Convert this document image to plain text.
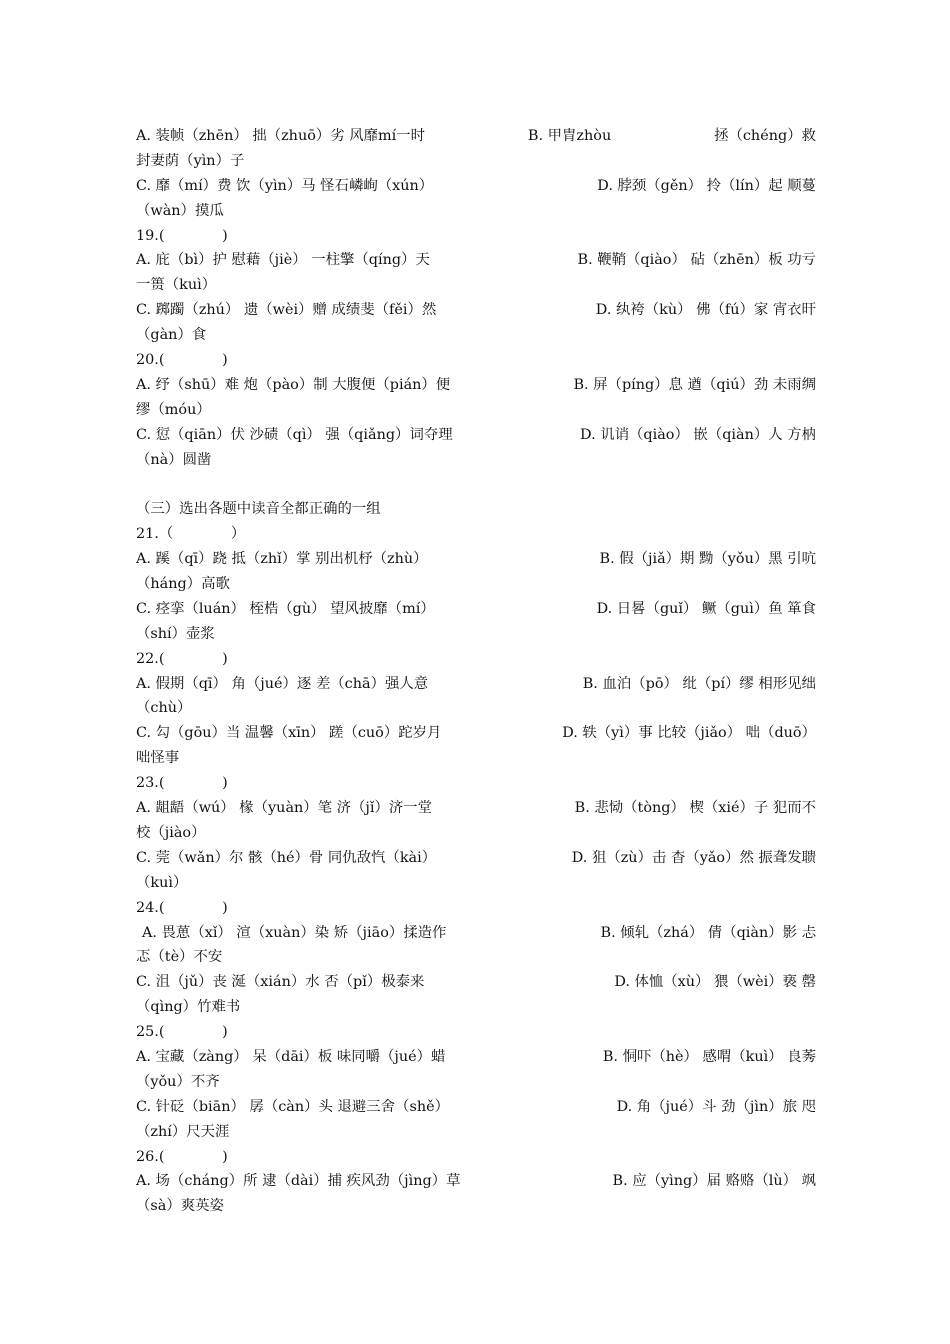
A. 装帧（zhēn） 拙（zhuō）劣 风靡mí一时	B. 甲胄zhòu	拯（chéng）救
封妻荫（yìn）子
C. 靡（mí）费 饮（yìn）马 怪石嶙峋（xún）	D. 脖颈（gěn） 拎（lín）起 顺蔓
（wàn）摸瓜
19.(　　　　)
A. 庇（bì）护 慰藉（jiè） 一柱擎（qíng）天	B. 鞭鞘（qiào） 砧（zhēn）板 功亏
一篑（kuì）
C. 踯躅（zhú） 遗（wèi）赠 成绩斐（fěi）然	D. 纨袴（kù） 佛（fú）家 宵衣旰
（gàn）食
20.(　　　　)
A. 纾（shū）难 炮（pào）制 大腹便（pián）便	B. 屏（píng）息 遒（qiú）劲 未雨绸
缪（móu）
C. 愆（qiān）伏 沙碛（qì） 强（qiǎng）词夺理	D. 讥诮（qiào） 嵌（qiàn）人 方枘
（nà）圆凿
（三）选出各题中读音全都正确的一组
21.（　　　　）
A. 蹊（qī）跷 抵（zhǐ）掌 别出机杼（zhù）	B. 假（jiǎ）期 黝（yǒu）黑 引吭
（háng）高歌
C. 痉挛（luán） 桎梏（gù） 望风披靡（mí）	D. 日晷（guǐ） 鳜（guì）鱼 箪食
（shí）壶浆
22.(　　　　)
A. 假期（qī） 角（jué）逐 差（chā）强人意	B. 血泊（pō） 纰（pí）缪 相形见绌
（chù）
C. 勾（gōu）当 温馨（xīn） 蹉（cuō）跎岁月	D. 轶（yì）事 比较（jiǎo） 咄（duō）
咄怪事
23.(　　　　)
A. 龃龉（wú） 椽（yuàn）笔 济（jǐ）济一堂	B. 悲恸（tòng） 楔（xié）子 犯而不
校（jiào）
C. 莞（wǎn）尔 骸（hé）骨 同仇敌忾（kài）	D. 狙（zù）击 杳（yǎo）然 振聋发聩
（kuì）
24.(　　　　)
A. 畏葸（xǐ） 渲（xuàn）染 矫（jiāo）揉造作	B. 倾轧（zhá） 倩（qiàn）影 忐
忑（tè）不安
C. 沮（jǔ）丧 涎（xián）水 否（pǐ）极泰来	D. 体恤（xù） 猥（wèi）亵 罄
（qìng）竹难书
25.(　　　　)
A. 宝藏（zàng） 呆（dāi）板 味同嚼（jué）蜡	B. 恫吓（hè） 感喟（kuì） 良莠
（yǒu）不齐
C. 针砭（biān） 孱（càn）头 退避三舍（shě）	D. 角（jué）斗 劲（jìn）旅 咫
（zhí）尺天涯
26.(　　　　)
A. 场（cháng）所 逮（dài）捕 疾风劲（jìng）草	B. 应（yìng）届 赂赂（lù） 飒
（sà）爽英姿
